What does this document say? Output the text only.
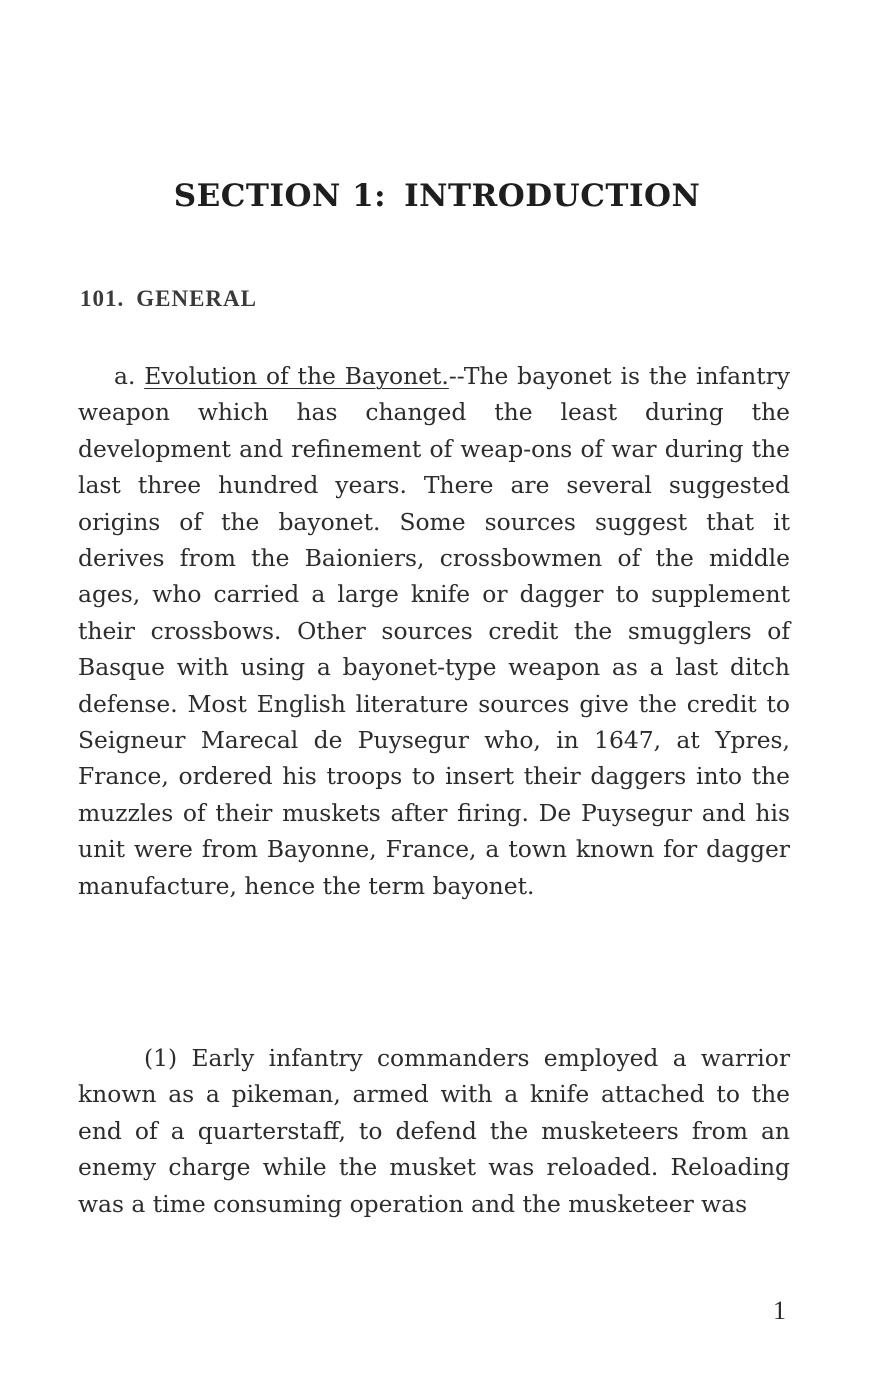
SECTION 1: INTRODUCTION
101. GENERAL

a. Evolution of the Bayonet.--The bayonet is the infantry weapon which has changed the least during the development and refinement of weap-ons of war during the last three hundred years. There are several suggested origins of the bayonet. Some sources suggest that it derives from the Baioniers, crossbowmen of the middle ages, who carried a large knife or dagger to supplement their crossbows. Other sources credit the smugglers of Basque with using a bayonet-type weapon as a last ditch defense. Most English literature sources give the credit to Seigneur Marecal de Puysegur who, in 1647, at Ypres, France, ordered his troops to insert their daggers into the muzzles of their muskets after firing. De Puysegur and his unit were from Bayonne, France, a town known for dagger manufacture, hence the term bayonet.

(1) Early infantry commanders employed a warrior known as a pikeman, armed with a knife attached to the end of a quarterstaff, to defend the musketeers from an enemy charge while the musket was reloaded. Reloading was a time consuming operation and the musketeer was

1
